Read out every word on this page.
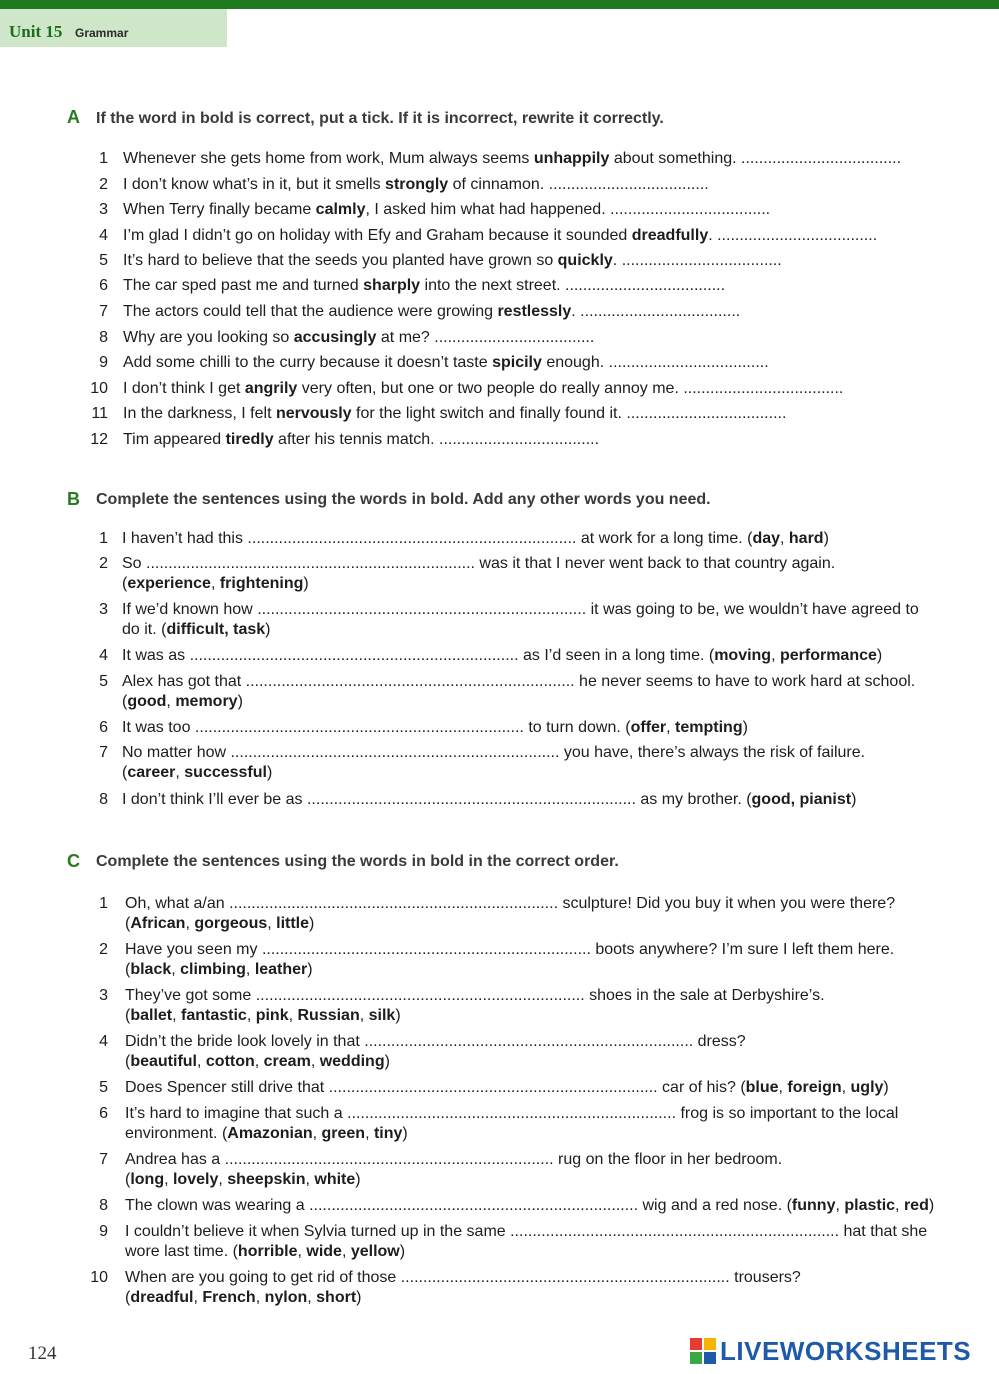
Unit 15 Grammar
A If the word in bold is correct, put a tick. If it is incorrect, rewrite it correctly.
1 Whenever she gets home from work, Mum always seems unhappily about something. ....................................
2 I don’t know what’s in it, but it smells strongly of cinnamon. ....................................
3 When Terry finally became calmly, I asked him what had happened. ....................................
4 I’m glad I didn’t go on holiday with Efy and Graham because it sounded dreadfully. ....................................
5 It’s hard to believe that the seeds you planted have grown so quickly. ....................................
6 The car sped past me and turned sharply into the next street. ....................................
7 The actors could tell that the audience were growing restlessly. ....................................
8 Why are you looking so accusingly at me? ....................................
9 Add some chilli to the curry because it doesn’t taste spicily enough. ....................................
10 I don’t think I get angrily very often, but one or two people do really annoy me. ....................................
11 In the darkness, I felt nervously for the light switch and finally found it. ....................................
12 Tim appeared tiredly after his tennis match. ....................................
B Complete the sentences using the words in bold. Add any other words you need.
1 I haven’t had this .......................................................................... at work for a long time. (day, hard)
2
(experience, frightening)
So .......................................................................... was it that I never went back to that country again.
3
do it. (difficult, task)
If we’d known how .......................................................................... it was going to be, we wouldn’t have agreed to
4 It was as .......................................................................... as I’d seen in a long time. (moving, performance)
5
(good, memory)
Alex has got that .......................................................................... he never seems to have to work hard at school.
6 It was too .......................................................................... to turn down. (offer, tempting)
7
(career, successful)
No matter how .......................................................................... you have, there’s always the risk of failure.
8 I don’t think I’ll ever be as .......................................................................... as my brother. (good, pianist)
C Complete the sentences using the words in bold in the correct order.
1 Oh, what a/an .......................................................................... sculpture! Did you buy it when you were there?
(African, gorgeous, little)
2 Have you seen my .......................................................................... boots anywhere? I’m sure I left them here.
(black, climbing, leather)
3 They’ve got some .......................................................................... shoes in the sale at Derbyshire’s.
(ballet, fantastic, pink, Russian, silk)
4 Didn’t the bride look lovely in that .......................................................................... dress?
(beautiful, cotton, cream, wedding)
5 Does Spencer still drive that .......................................................................... car of his? (blue, foreign, ugly)
6 It’s hard to imagine that such a .......................................................................... frog is so important to the local
environment. (Amazonian, green, tiny)
7 Andrea has a .......................................................................... rug on the floor in her bedroom.
(long, lovely, sheepskin, white)
8 The clown was wearing a .......................................................................... wig and a red nose. (funny, plastic, red)
9 I couldn’t believe it when Sylvia turned up in the same .......................................................................... hat that she
wore last time. (horrible, wide, yellow)
10 When are you going to get rid of those .......................................................................... trousers?
(dreadful, French, nylon, short)
124	LIVEWORKSHEETS
